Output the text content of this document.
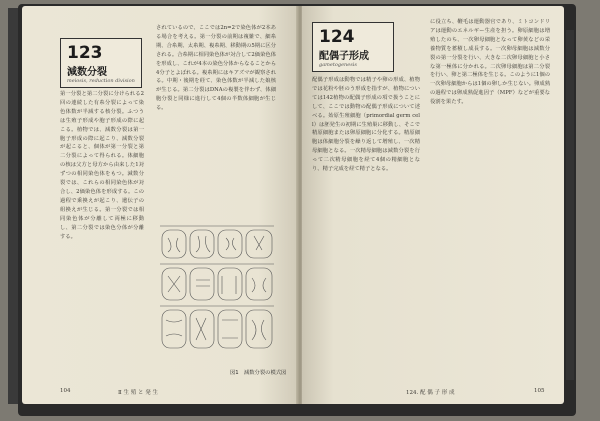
123
減数分裂
meiosis, reduction division

第一分裂と第二分裂に分けられる2回の連続した有糸分裂によって染色体数が半減する核分裂。ふつうは生殖子形成や胞子形成の際に起こる。植物では、減数分裂は第一胞子形成の際に起こり、減数分裂が起こると、個体が第一分裂と第二分裂によって得られる。体細胞の核は父方と母方から由来した1対ずつの相同染色体をもつ。減数分裂では、これらの相同染色体が対合し、2価染色体を形成する。この過程で乗換えが起こり、遺伝子の組換えが生じる。第一分裂では相同染色体が分離して両極に移動し、第二分裂では染色分体が分離する。

されているので、ここでは2n=2で染色体が2本ある場合を考える。第一分裂の前期は複雑で、細糸期、合糸期、太糸期、複糸期、移動期の5期に区分される。合糸期に相同染色体が対合して2価染色体を形成し、これが4本の染色分体からなることから4分子とよばれる。複糸期にはキアズマが観察される。中期・後期を経て、染色体数が半減した娘核が生じる。第二分裂はDNAの複製を伴わず、体細胞分裂と同様に進行して4個の半数体細胞が生じる。

図1　減数分裂の模式図
104	Ⅱ 生 殖 と 発 生
124
配偶子形成
gametogenesis

配偶子形成は動物では精子や卵の形成、植物では花粉や胚のう形成を指すが、植物については142植物の配偶子形成の項で扱うことにして、ここでは動物の配偶子形成について述べる。始原生殖細胞（primordial germ cell）は胚発生の初期に生殖巣に移動し、そこで精原細胞または卵原細胞に分化する。精原細胞は体細胞分裂を繰り返して増殖し、一次精母細胞となる。一次精母細胞は減数分裂を行って二次精母細胞を経て4個の精細胞となり、精子完成を経て精子となる。

に役立ち、鞭毛は運動器官であり、ミトコンドリアは運動のエネルギー生産を担う。卵原細胞は増殖したのち、一次卵母細胞となって卵黄などの栄養物質を蓄積し成長する。一次卵母細胞は減数分裂の第一分裂を行い、大きな二次卵母細胞と小さな第一極体に分かれる。二次卵母細胞は第二分裂を行い、卵と第二極体を生じる。このように1個の一次卵母細胞からは1個の卵しか生じない。卵成熟の過程では卵成熟促進因子（MPF）などが重要な役割を果たす。

124. 配 偶 子 形 成	105
